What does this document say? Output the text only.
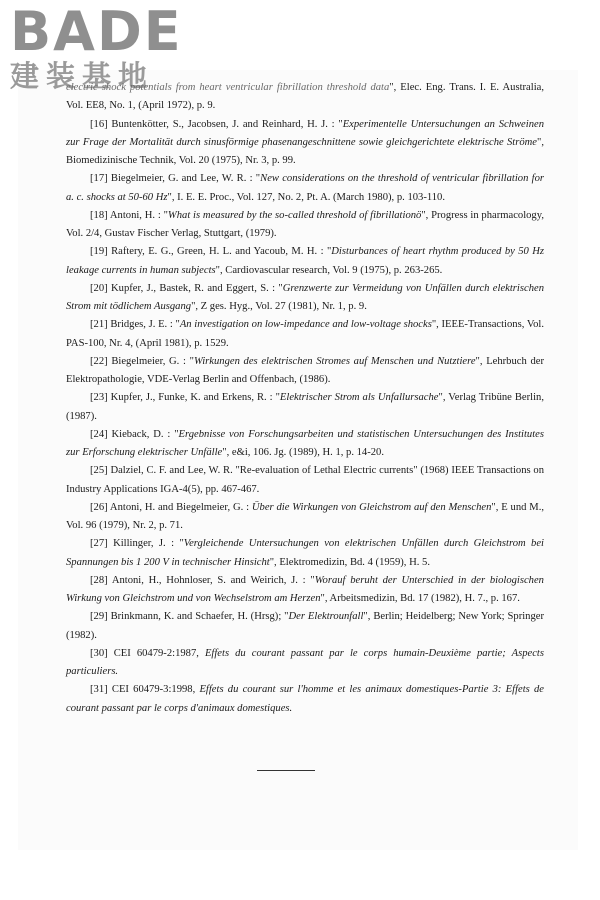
BADE
建装基地

electric shock potentials from heart ventricular fibrillation threshold data", Elec. Eng. Trans. I. E. Australia, Vol. EE8, No. 1, (April 1972), p. 9.

[16] Buntenkötter, S., Jacobsen, J. and Reinhard, H. J. : "Experimentelle Untersuchungen an Schweinen zur Frage der Mortalität durch sinusförmige phasenangeschnittene sowie gleichgerichtete elektrische Ströme", Biomedizinische Technik, Vol. 20 (1975), Nr. 3, p. 99.

[17] Biegelmeier, G. and Lee, W. R. : "New considerations on the threshold of ventricular fibrillation for a. c. shocks at 50-60 Hz", I. E. E. Proc., Vol. 127, No. 2, Pt. A. (March 1980), p. 103-110.

[18] Antoni, H. : "What is measured by the so-called threshold of fibrillationö", Progress in pharmacology, Vol. 2/4, Gustav Fischer Verlag, Stuttgart, (1979).

[19] Raftery, E. G., Green, H. L. and Yacoub, M. H. : "Disturbances of heart rhythm produced by 50 Hz leakage currents in human subjects", Cardiovascular research, Vol. 9 (1975), p. 263-265.

[20] Kupfer, J., Bastek, R. and Eggert, S. : "Grenzwerte zur Vermeidung von Unfällen durch elektrischen Strom mit tödlichem Ausgang", Z ges. Hyg., Vol. 27 (1981), Nr. 1, p. 9.

[21] Bridges, J. E. : "An investigation on low-impedance and low-voltage shocks", IEEE-Transactions, Vol. PAS-100, Nr. 4, (April 1981), p. 1529.

[22] Biegelmeier, G. : "Wirkungen des elektrischen Stromes auf Menschen und Nutztiere", Lehrbuch der Elektropathologie, VDE-Verlag Berlin and Offenbach, (1986).

[23] Kupfer, J., Funke, K. and Erkens, R. : "Elektrischer Strom als Unfallursache", Verlag Tribüne Berlin, (1987).

[24] Kieback, D. : "Ergebnisse von Forschungsarbeiten und statistischen Untersuchungen des Institutes zur Erforschung elektrischer Unfälle", e&i, 106. Jg. (1989), H. 1, p. 14-20.

[25] Dalziel, C. F. and Lee, W. R. "Re-evaluation of Lethal Electric currents" (1968) IEEE Transactions on Industry Applications IGA-4(5), pp. 467-467.

[26] Antoni, H. and Biegelmeier, G. : Über die Wirkungen von Gleichstrom auf den Menschen", E und M., Vol. 96 (1979), Nr. 2, p. 71.

[27] Killinger, J. : "Vergleichende Untersuchungen von elektrischen Unfällen durch Gleichstrom bei Spannungen bis 1 200 V in technischer Hinsicht", Elektromedizin, Bd. 4 (1959), H. 5.

[28] Antoni, H., Hohnloser, S. and Weirich, J. : "Worauf beruht der Unterschied in der biologischen Wirkung von Gleichstrom und von Wechselstrom am Herzen", Arbeitsmedizin, Bd. 17 (1982), H. 7., p. 167.

[29] Brinkmann, K. and Schaefer, H. (Hrsg); "Der Elektrounfall", Berlin; Heidelberg; New York; Springer (1982).

[30] CEI 60479-2:1987, Effets du courant passant par le corps humain-Deuxième partie; Aspects particuliers.

[31] CEI 60479-3:1998, Effets du courant sur l'homme et les animaux domestiques-Partie 3: Effets de courant passant par le corps d'animaux domestiques.
